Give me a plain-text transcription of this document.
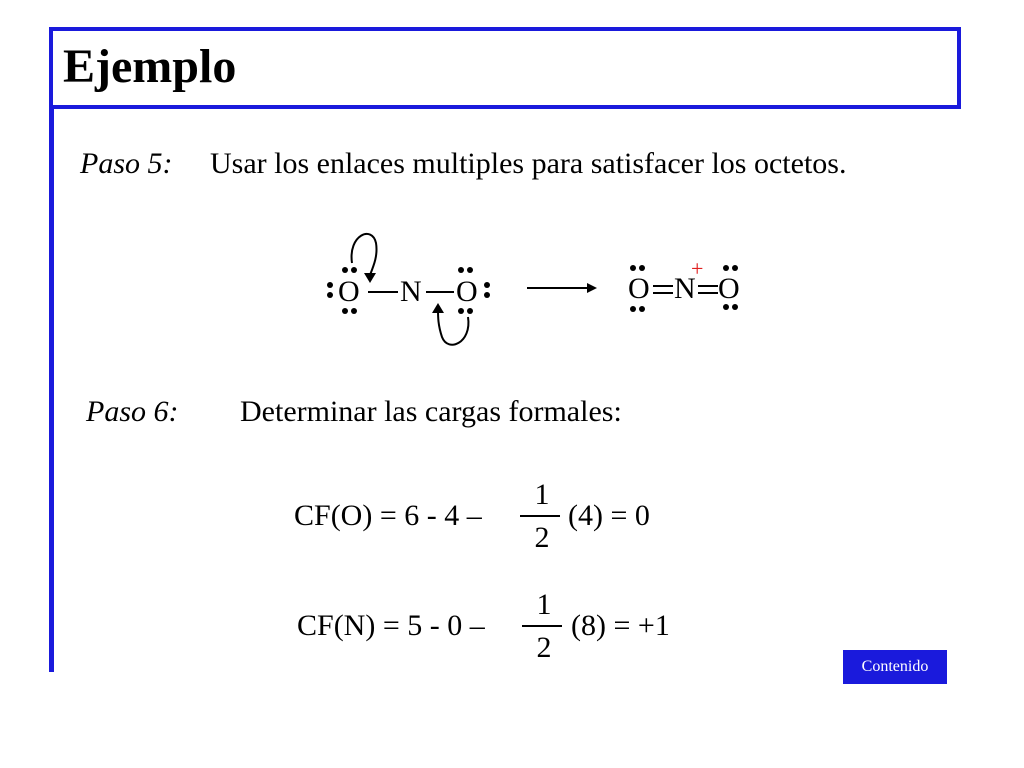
Ejemplo
Paso 5: Usar los enlaces multiples para satisfacer los octetos.
O N O	O N O
+
Paso 6: Determinar las cargas formales:
CF(O) = 6 - 4 –
1
2
(4) = 0
CF(N) = 5 - 0 –
1
2
(8) = +1
Contenido
